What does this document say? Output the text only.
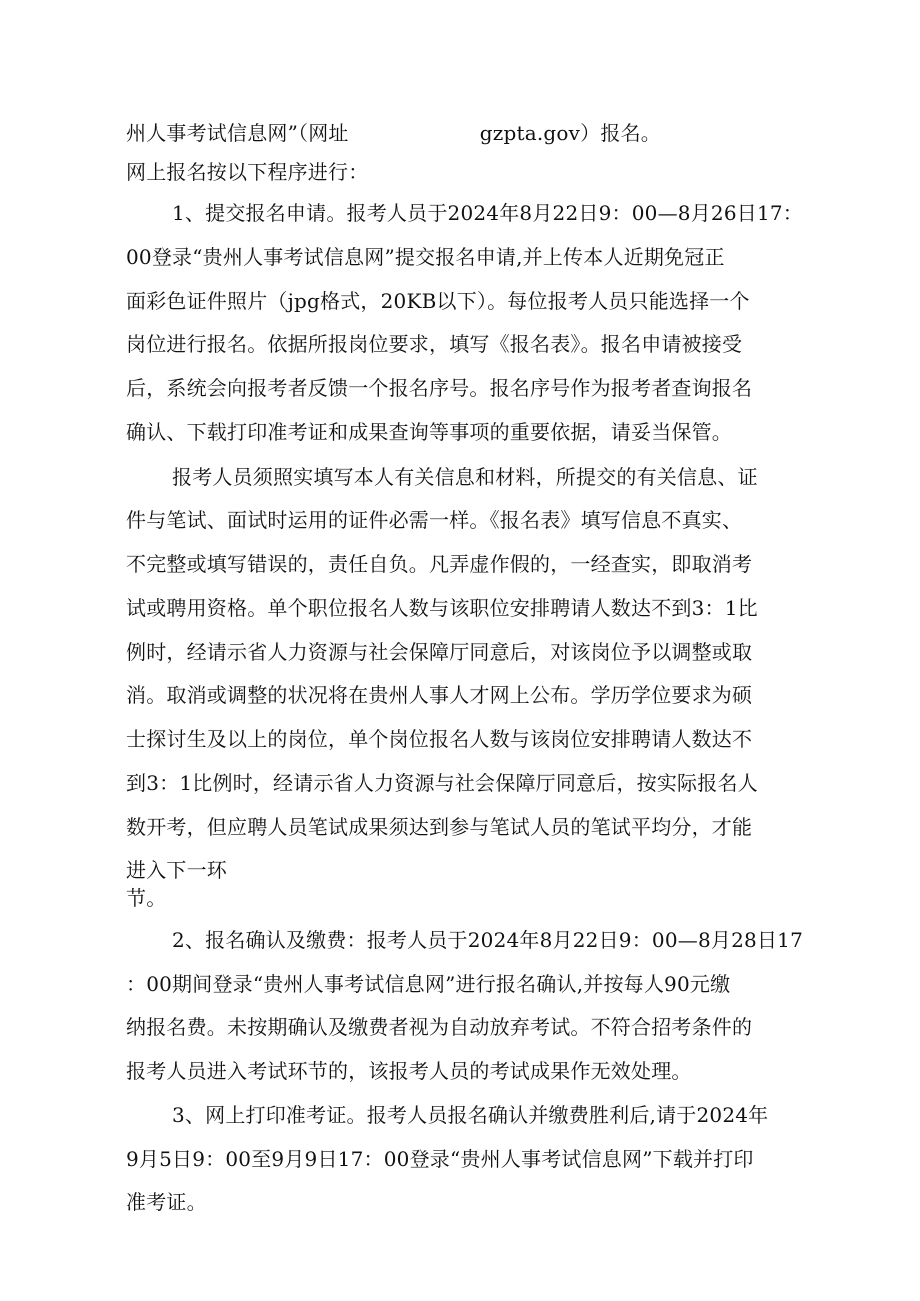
州人事考试信息网”（网址                    gzpta.gov）报名。
网上报名按以下程序进行：
1、提交报名申请。报考人员于2024年8月22日9：00—8月26日17：
00登录“贵州人事考试信息网”提交报名申请,并上传本人近期免冠正
面彩色证件照片（jpg格式，20KB以下）。每位报考人员只能选择一个
岗位进行报名。依据所报岗位要求，填写《报名表》。报名申请被接受
后，系统会向报考者反馈一个报名序号。报名序号作为报考者查询报名
确认、下载打印准考证和成果查询等事项的重要依据，请妥当保管。
报考人员须照实填写本人有关信息和材料，所提交的有关信息、证
件与笔试、面试时运用的证件必需一样。《报名表》填写信息不真实、
不完整或填写错误的，责任自负。凡弄虚作假的，一经查实，即取消考
试或聘用资格。单个职位报名人数与该职位安排聘请人数达不到3：1比
例时，经请示省人力资源与社会保障厅同意后，对该岗位予以调整或取
消。取消或调整的状况将在贵州人事人才网上公布。学历学位要求为硕
士探讨生及以上的岗位，单个岗位报名人数与该岗位安排聘请人数达不
到3：1比例时，经请示省人力资源与社会保障厅同意后，按实际报名人
数开考，但应聘人员笔试成果须达到参与笔试人员的笔试平均分，才能
进入下一环
节。
2、报名确认及缴费：报考人员于2024年8月22日9：00—8月28日17
：00期间登录“贵州人事考试信息网”进行报名确认,并按每人90元缴
纳报名费。未按期确认及缴费者视为自动放弃考试。不符合招考条件的
报考人员进入考试环节的，该报考人员的考试成果作无效处理。
3、网上打印准考证。报考人员报名确认并缴费胜利后,请于2024年
9月5日9：00至9月9日17：00登录“贵州人事考试信息网”下载并打印
准考证。
